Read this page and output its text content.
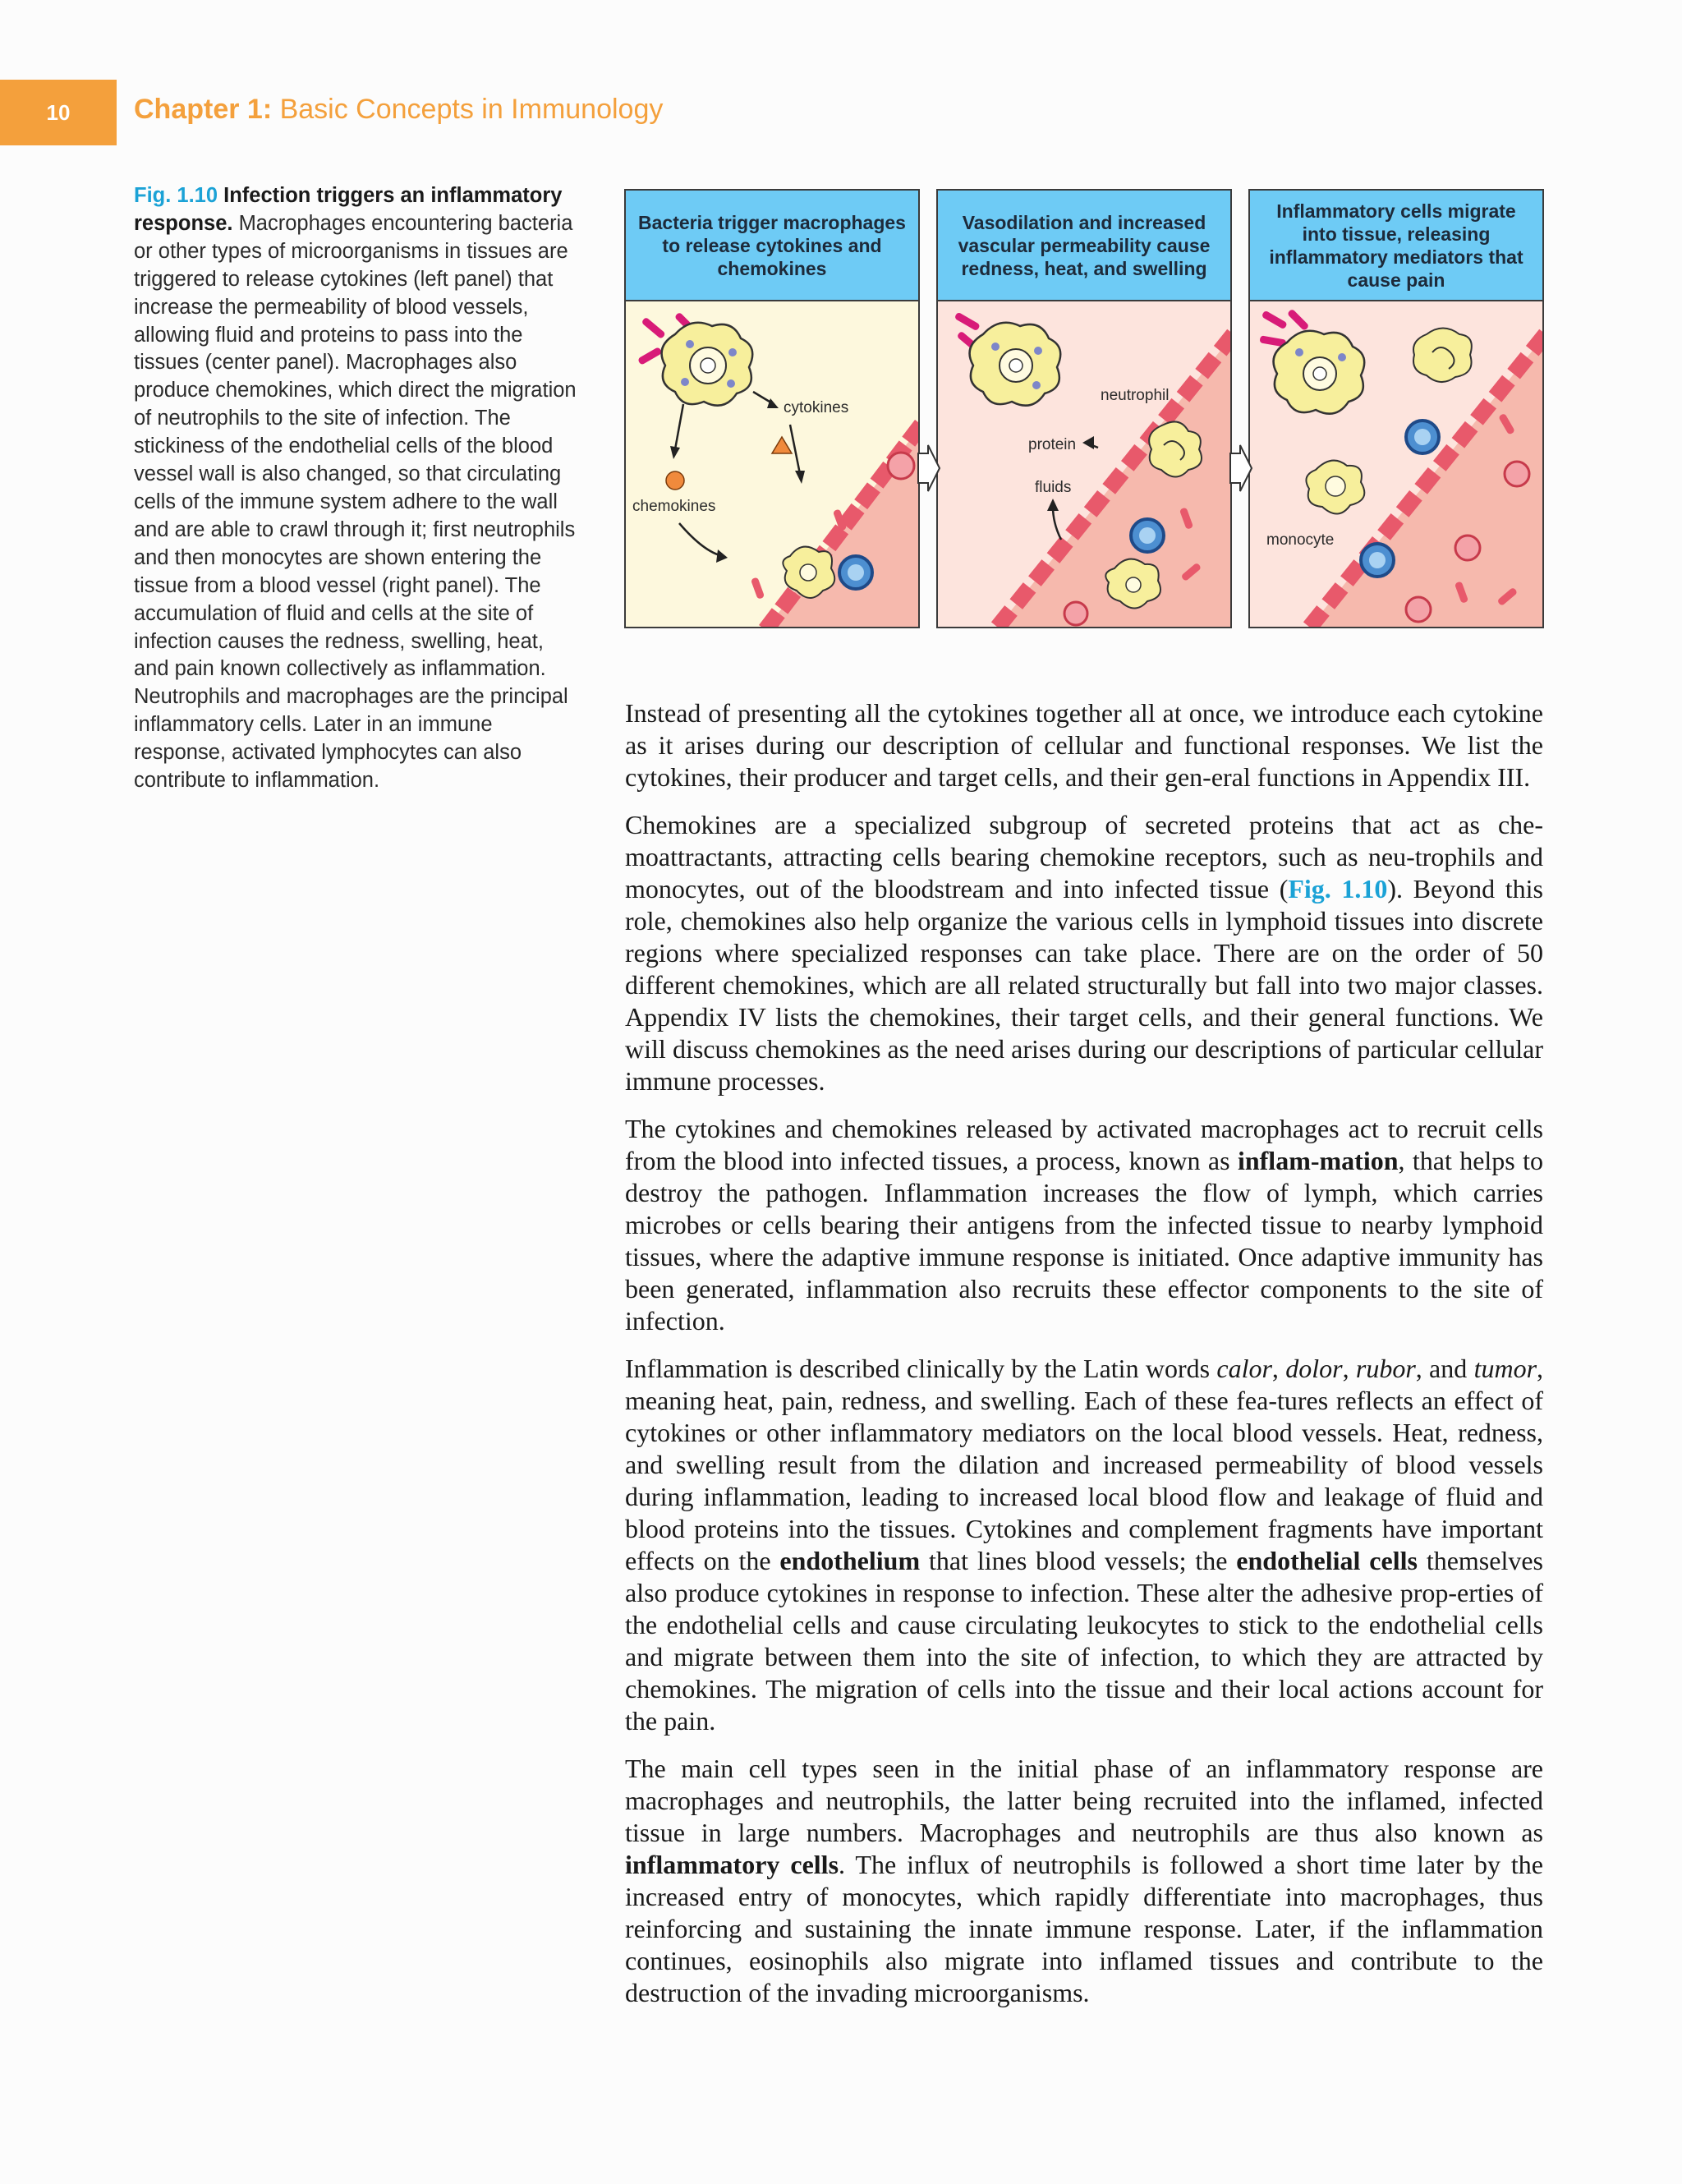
10	Chapter 1: Basic Concepts in Immunology
Fig. 1.10 Infection triggers an inflammatory response. Macrophages encountering bacteria or other types of microorganisms in tissues are triggered to release cytokines (left panel) that increase the permeability of blood vessels, allowing fluid and proteins to pass into the tissues (center panel). Macrophages also produce chemokines, which direct the migration of neutrophils to the site of infection. The stickiness of the endothelial cells of the blood vessel wall is also changed, so that circulating cells of the immune system adhere to the wall and are able to crawl through it; first neutrophils and then monocytes are shown entering the tissue from a blood vessel (right panel). The accumulation of fluid and cells at the site of infection causes the redness, swelling, heat, and pain known collectively as inflammation. Neutrophils and macrophages are the principal inflammatory cells. Later in an immune response, activated lymphocytes can also contribute to inflammation.
Bacteria trigger macrophages to release cytokines and chemokines
cytokines
chemokines
Vasodilation and increased vascular permeability cause redness, heat, and swelling
neutrophil
protein
fluids
Inflammatory cells migrate into tissue, releasing inflammatory mediators that cause pain
monocyte

Instead of presenting all the cytokines together all at once, we introduce each cytokine as it arises during our description of cellular and functional responses. We list the cytokines, their producer and target cells, and their gen-eral functions in Appendix III.

Chemokines are a specialized subgroup of secreted proteins that act as che-moattractants, attracting cells bearing chemokine receptors, such as neu-trophils and monocytes, out of the bloodstream and into infected tissue (Fig. 1.10). Beyond this role, chemokines also help organize the various cells in lymphoid tissues into discrete regions where specialized responses can take place. There are on the order of 50 different chemokines, which are all related structurally but fall into two major classes. Appendix IV lists the chemokines, their target cells, and their general functions. We will discuss chemokines as the need arises during our descriptions of particular cellular immune processes.

The cytokines and chemokines released by activated macrophages act to recruit cells from the blood into infected tissues, a process, known as inflam-mation, that helps to destroy the pathogen. Inflammation increases the flow of lymph, which carries microbes or cells bearing their antigens from the infected tissue to nearby lymphoid tissues, where the adaptive immune response is initiated. Once adaptive immunity has been generated, inflammation also recruits these effector components to the site of infection.

Inflammation is described clinically by the Latin words calor, dolor, rubor, and tumor, meaning heat, pain, redness, and swelling. Each of these fea-tures reflects an effect of cytokines or other inflammatory mediators on the local blood vessels. Heat, redness, and swelling result from the dilation and increased permeability of blood vessels during inflammation, leading to increased local blood flow and leakage of fluid and blood proteins into the tissues. Cytokines and complement fragments have important effects on the endothelium that lines blood vessels; the endothelial cells themselves also produce cytokines in response to infection. These alter the adhesive prop-erties of the endothelial cells and cause circulating leukocytes to stick to the endothelial cells and migrate between them into the site of infection, to which they are attracted by chemokines. The migration of cells into the tissue and their local actions account for the pain.

The main cell types seen in the initial phase of an inflammatory response are macrophages and neutrophils, the latter being recruited into the inflamed, infected tissue in large numbers. Macrophages and neutrophils are thus also known as inflammatory cells. The influx of neutrophils is followed a short time later by the increased entry of monocytes, which rapidly differentiate into macrophages, thus reinforcing and sustaining the innate immune response. Later, if the inflammation continues, eosinophils also migrate into inflamed tissues and contribute to the destruction of the invading microorganisms.
